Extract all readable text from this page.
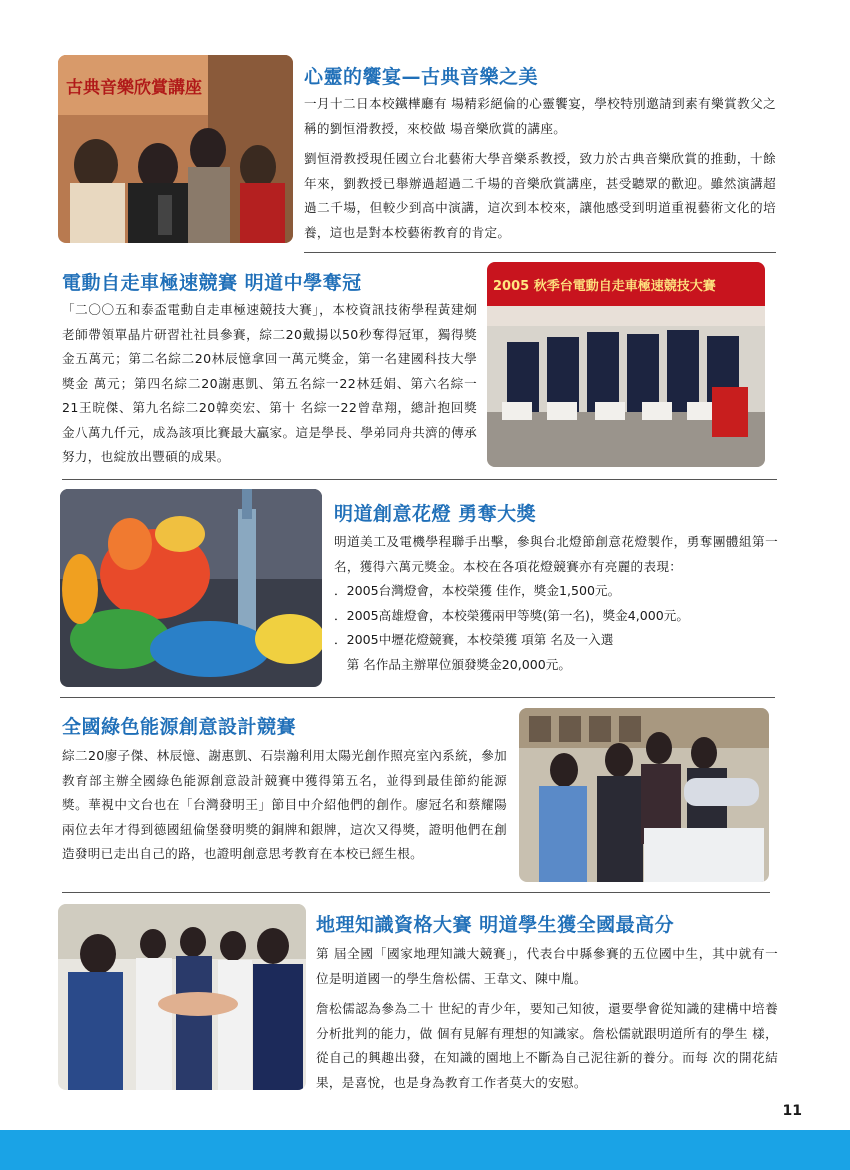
古典音樂欣賞講座	心靈的饗宴—古典音樂之美

一月十二日本校鐵樺廳有 場精彩絕倫的心靈饗宴，學校特別邀請到素有樂賞教父之稱的劉恒滑教授，來校做 場音樂欣賞的講座。

劉恒滑教授現任國立台北藝術大學音樂系教授，致力於古典音樂欣賞的推動，十餘年來，劉教授已舉辦過超過二千場的音樂欣賞講座，甚受聽眾的歡迎。雖然演講超過二千場，但較少到高中演講，這次到本校來，讓他感受到明道重視藝術文化的培養，這也是對本校藝術教育的肯定。

電動自走車極速競賽 明道中學奪冠

「二〇〇五和泰盃電動自走車極速競技大賽」，本校資訊技術學程黃建炯老師帶領單晶片研習社社員參賽，綜二20戴揚以50秒奪得冠軍，獨得獎金五萬元；第二名綜二20林辰憶拿回一萬元獎金，第一名建國科技大學獎金 萬元；第四名綜二20謝惠凱、第五名綜一22林廷娟、第六名綜一21王晥傑、第九名綜二20韓奕宏、第十 名綜一22曾韋翔，總計抱回獎金八萬九仟元，成為該項比賽最大贏家。這是學長、學弟同舟共濟的傳承努力，也綻放出豐碩的成果。

2005 秋季台電動自走車極速競技大賽
明道創意花燈 勇奪大獎

明道美工及電機學程聯手出擊，參與台北燈節創意花燈製作，勇奪團體組第一名，獲得六萬元獎金。本校在各項花燈競賽亦有亮麗的表現：

．2005台灣燈會，本校榮獲 佳作，獎金1,500元。
．2005高雄燈會，本校榮獲兩甲等獎(第一名)，獎金4,000元。
．2005中壢花燈競賽，本校榮獲 項第 名及一入選
　第 名作品主辦單位頒發獎金20,000元。
全國綠色能源創意設計競賽

綜二20廖子傑、林辰憶、謝惠凱、石崇瀚利用太陽光創作照亮室內系統，參加教育部主辦全國綠色能源創意設計競賽中獲得第五名，並得到最佳節約能源獎。華視中文台也在「台灣發明王」節目中介紹他們的創作。廖冠名和蔡耀陽兩位去年才得到德國紐倫堡發明獎的銅牌和銀牌，這次又得獎，證明他們在創造發明已走出自己的路，也證明創意思考教育在本校已經生根。

地理知識資格大賽 明道學生獲全國最高分

第 屆全國「國家地理知識大競賽」，代表台中縣參賽的五位國中生，其中就有一位是明道國一的學生詹松儒、王韋文、陳中胤。

詹松儒認為參為二十 世紀的青少年，要知己知彼，還要學會從知識的建構中培養分析批判的能力，做 個有見解有理想的知識家。詹松儒就跟明道所有的學生 樣，從自己的興趣出發，在知識的園地上不斷為自己泥往新的養分。而每 次的開花結果，是喜悅，也是身為教育工作者莫大的安慰。

11
